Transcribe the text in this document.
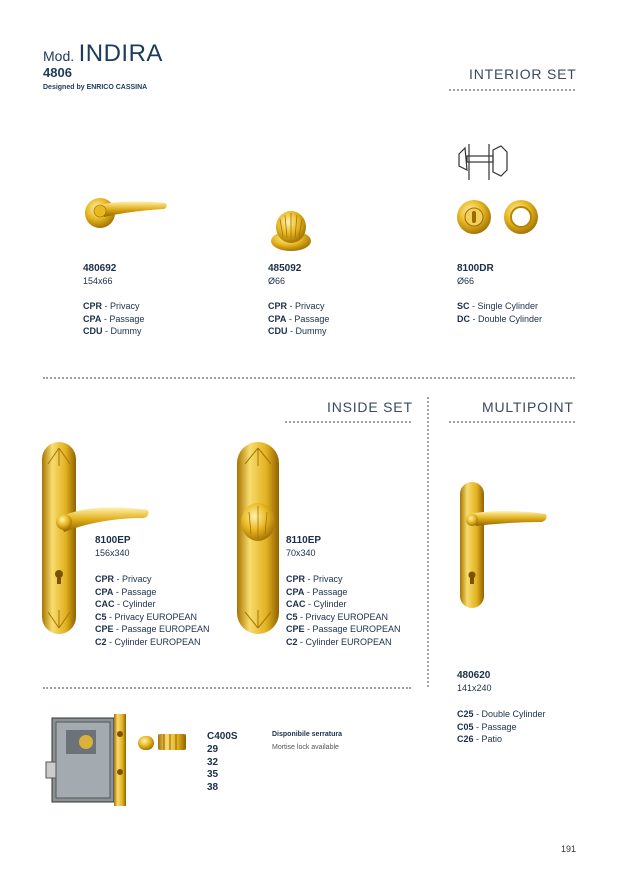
Mod. INDIRA
4806
Designed by ENRICO CASSINA
INTERIOR SET
INSIDE SET	MULTIPOINT
480692
154x66
CPR - Privacy
CPA - Passage
CDU - Dummy
485092
Ø66
CPR - Privacy
CPA - Passage
CDU - Dummy
8100DR
Ø66
SC - Single Cylinder
DC - Double Cylinder
8100EP
156x340
CPR - Privacy
CPA - Passage
CAC - Cylinder
C5 - Privacy EUROPEAN
CPE - Passage EUROPEAN
C2 - Cylinder EUROPEAN
8110EP
70x340
CPR - Privacy
CPA - Passage
CAC - Cylinder
C5 - Privacy EUROPEAN
CPE - Passage EUROPEAN
C2 - Cylinder EUROPEAN
480620
141x240
C25 - Double Cylinder
C05 - Passage
C26 - Patio
C400S
29
32
35
38
Disponibile serratura
Mortise lock available
191
